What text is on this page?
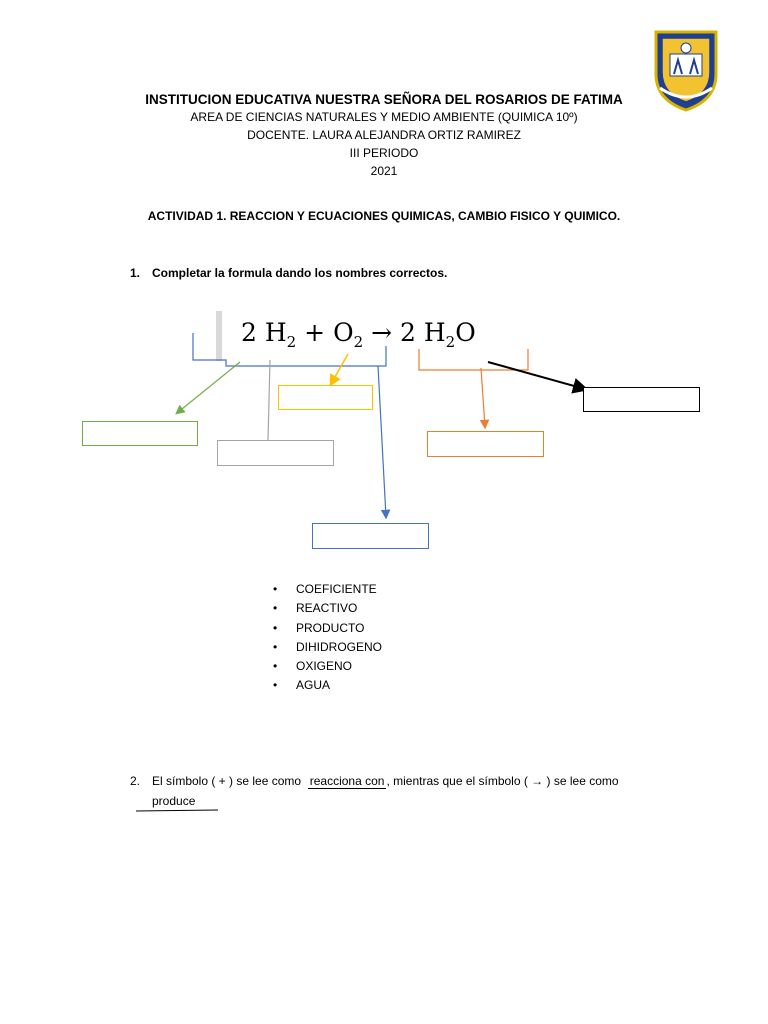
INSTITUCION EDUCATIVA NUESTRA SEÑORA DEL ROSARIOS DE FATIMA
AREA DE CIENCIAS NATURALES Y MEDIO AMBIENTE (QUIMICA 10º)
DOCENTE. LAURA ALEJANDRA ORTIZ RAMIREZ
III PERIODO
2021
ACTIVIDAD 1. REACCION Y ECUACIONES QUIMICAS, CAMBIO FISICO Y QUIMICO.
1. Completar la formula dando los nombres correctos.
2 $H_2 + O_2 \to 2$ $H_2O$
• COEFICIENTE
• REACTIVO
• PRODUCTO
• DIHIDROGENO
• OXIGENO
• AGUA
2. El símbolo ( + ) se lee como reacciona con , mientras que el símbolo ( → ) se lee como
produce
